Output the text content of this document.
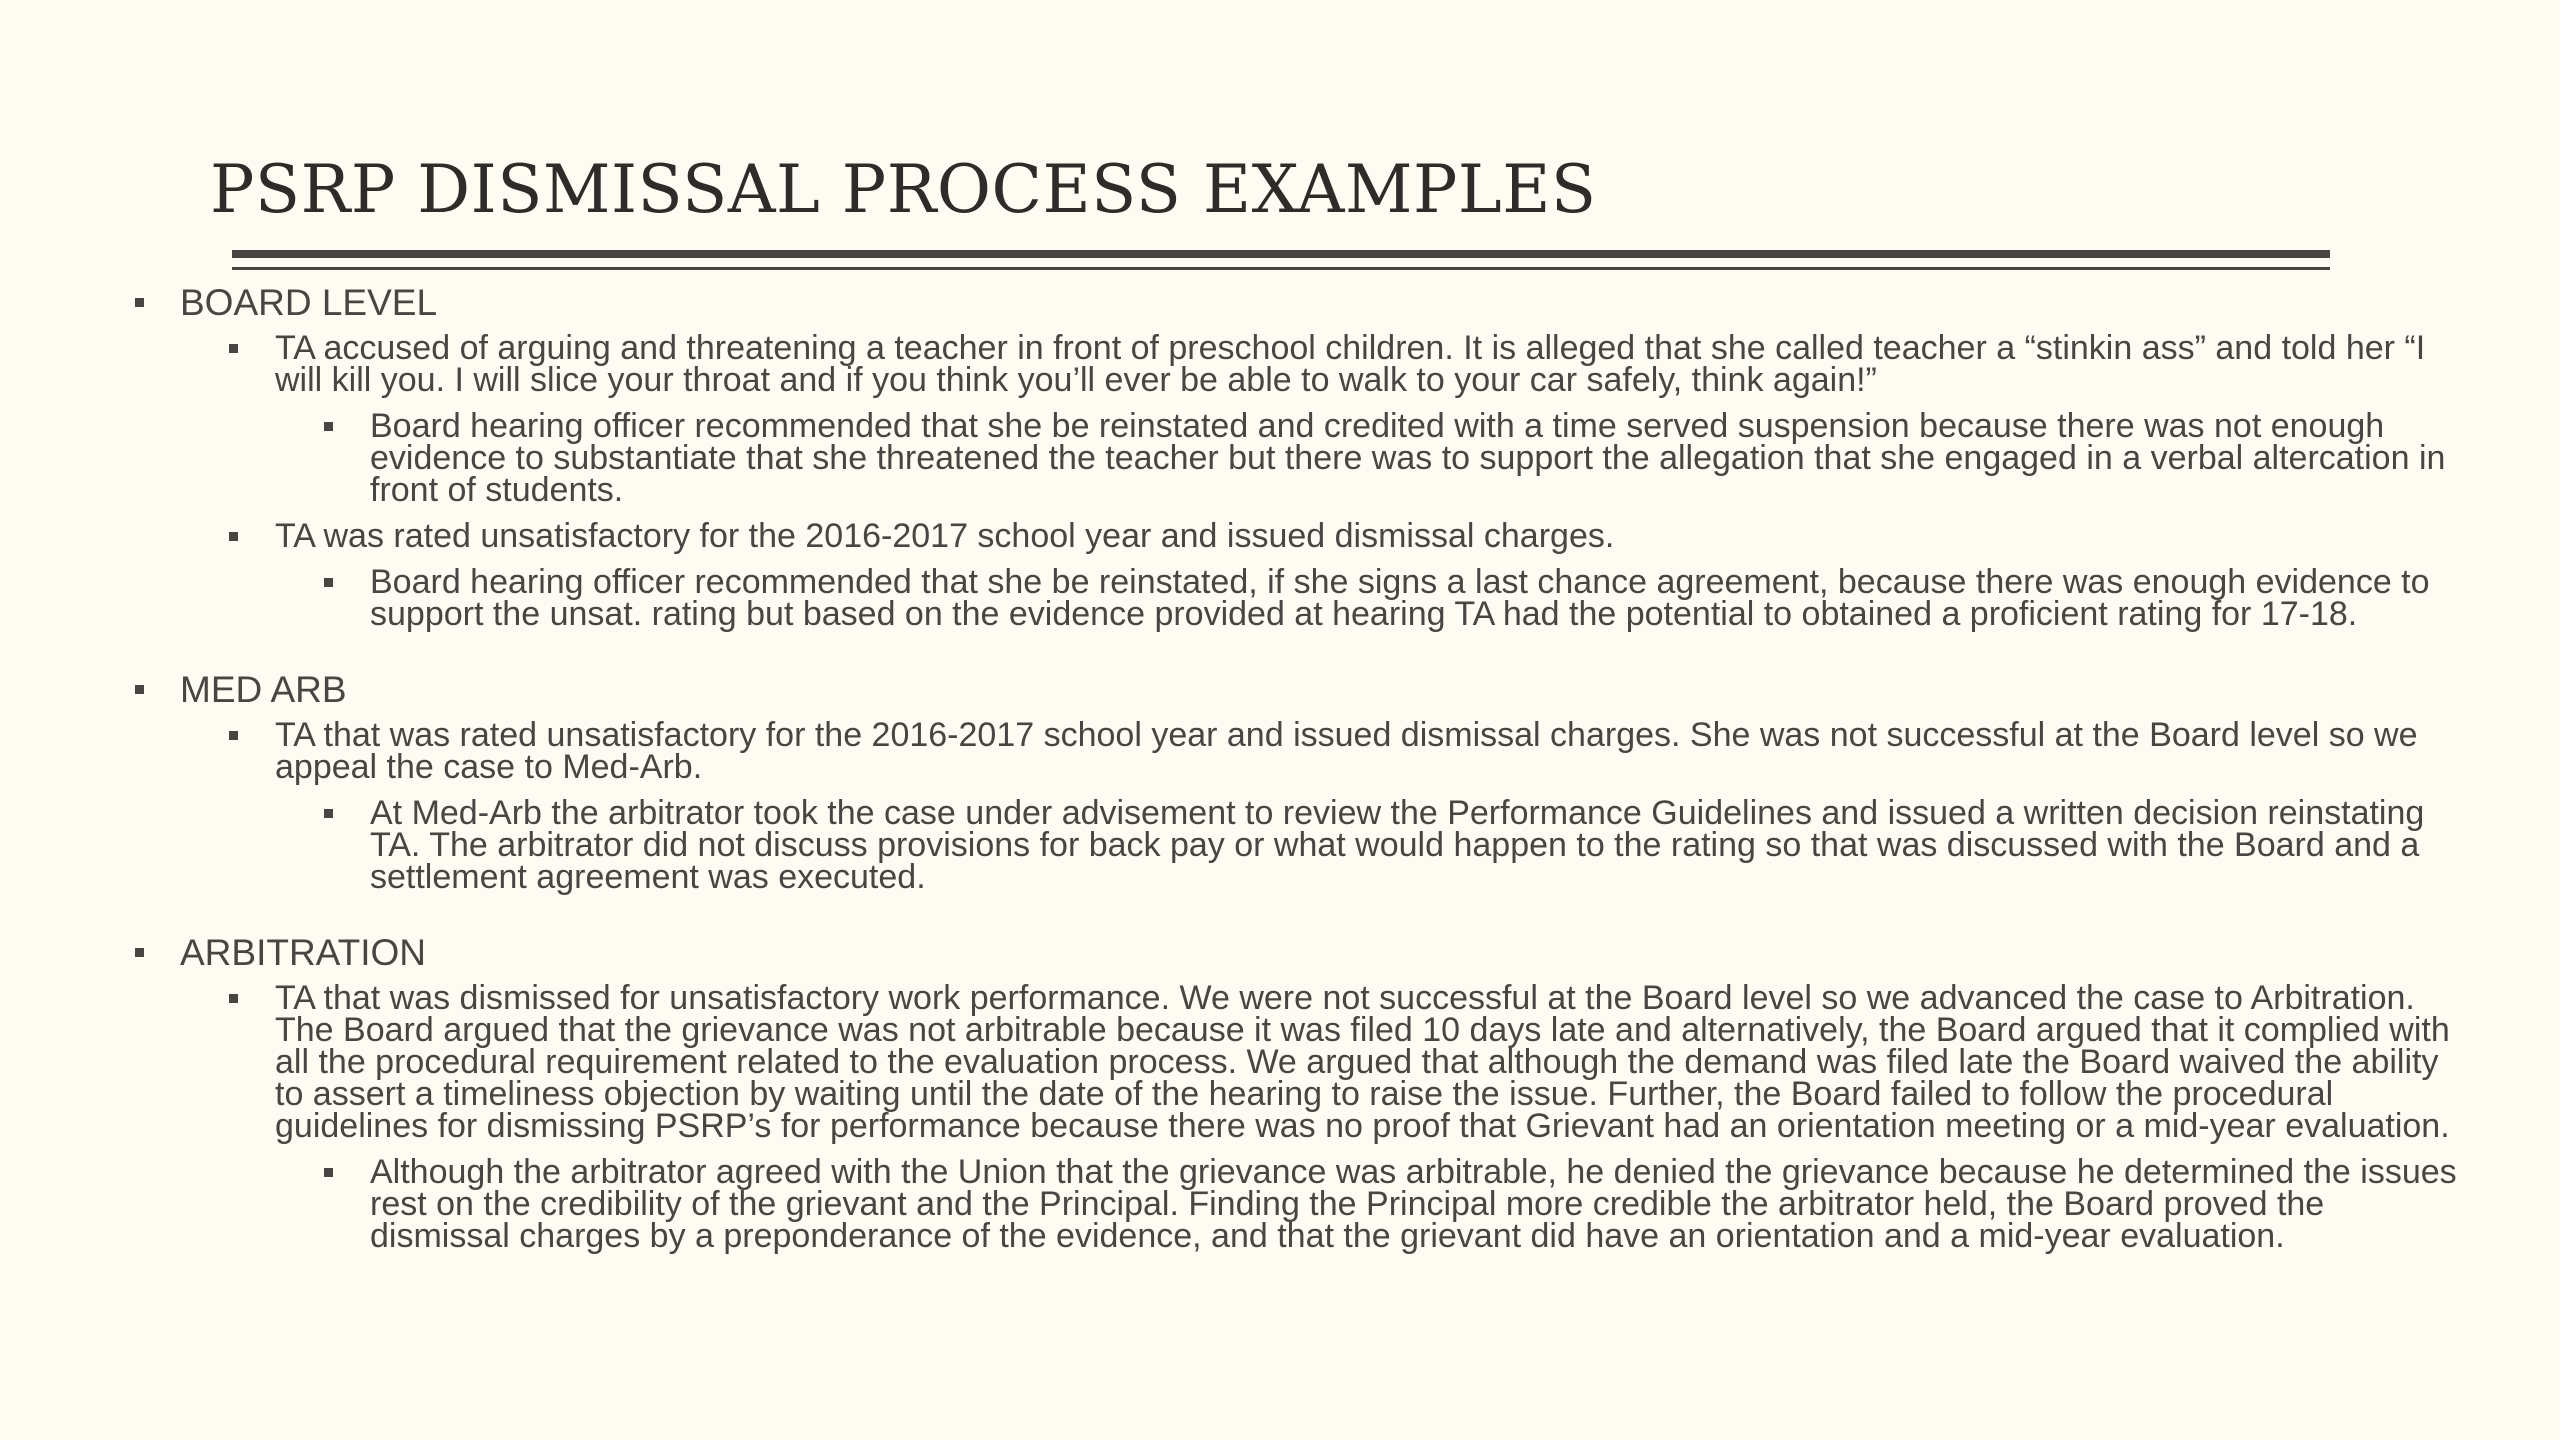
PSRP DISMISSAL PROCESS EXAMPLES

BOARD LEVEL

TA accused of arguing and threatening a teacher in front of preschool children. It is alleged that she called teacher a “stinkin ass” and told her “I will kill you. I will slice your throat and if you think you’ll ever be able to walk to your car safely, think again!”

Board hearing officer recommended that she be reinstated and credited with a time served suspension because there was not enough evidence to substantiate that she threatened the teacher but there was to support the allegation that she engaged in a verbal altercation in front of students.

TA was rated unsatisfactory for the 2016-2017 school year and issued dismissal charges.

Board hearing officer recommended that she be reinstated, if she signs a last chance agreement, because there was enough evidence to support the unsat. rating but based on the evidence provided at hearing TA had the potential to obtained a proficient rating for 17-18.

MED ARB

TA that was rated unsatisfactory for the 2016-2017 school year and issued dismissal charges. She was not successful at the Board level so we appeal the case to Med-Arb.

At Med-Arb the arbitrator took the case under advisement to review the Performance Guidelines and issued a written decision reinstating TA. The arbitrator did not discuss provisions for back pay or what would happen to the rating so that was discussed with the Board and a settlement agreement was executed.

ARBITRATION

TA that was dismissed for unsatisfactory work performance. We were not successful at the Board level so we advanced the case to Arbitration. The Board argued that the grievance was not arbitrable because it was filed 10 days late and alternatively, the Board argued that it complied with all the procedural requirement related to the evaluation process. We argued that although the demand was filed late the Board waived the ability to assert a timeliness objection by waiting until the date of the hearing to raise the issue. Further, the Board failed to follow the procedural guidelines for dismissing PSRP’s for performance because there was no proof that Grievant had an orientation meeting or a mid-year evaluation.

Although the arbitrator agreed with the Union that the grievance was arbitrable, he denied the grievance because he determined the issues rest on the credibility of the grievant and the Principal. Finding the Principal more credible the arbitrator held, the Board proved the dismissal charges by a preponderance of the evidence, and that the grievant did have an orientation and a mid-year evaluation.
